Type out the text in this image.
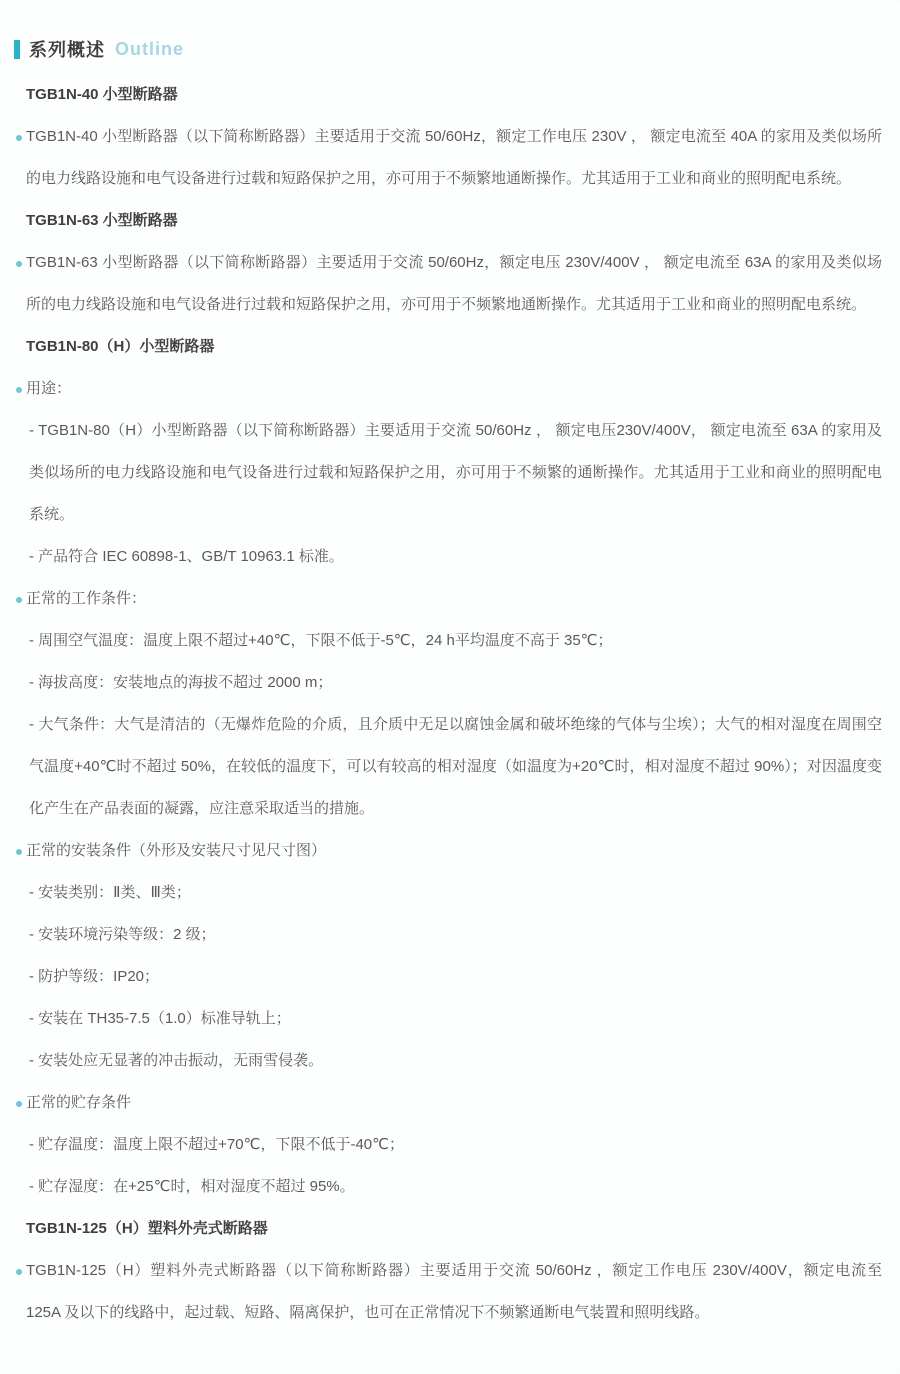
系列概述 Outline
TGB1N-40 小型断路器
TGB1N-40 小型断路器（以下简称断路器）主要适用于交流 50/60Hz，额定工作电压 230V ， 额定电流至 40A 的家用及类似场所的电力线路设施和电气设备进行过载和短路保护之用，亦可用于不频繁地通断操作。尤其适用于工业和商业的照明配电系统。
TGB1N-63 小型断路器
TGB1N-63 小型断路器（以下简称断路器）主要适用于交流 50/60Hz，额定电压 230V/400V ， 额定电流至 63A 的家用及类似场所的电力线路设施和电气设备进行过载和短路保护之用，亦可用于不频繁地通断操作。尤其适用于工业和商业的照明配电系统。
TGB1N-80（H）小型断路器
用途：
- TGB1N-80（H）小型断路器（以下简称断路器）主要适用于交流 50/60Hz ， 额定电压230V/400V， 额定电流至 63A 的家用及类似场所的电力线路设施和电气设备进行过载和短路保护之用，亦可用于不频繁的通断操作。尤其适用于工业和商业的照明配电系统。
- 产品符合 IEC 60898-1、GB/T 10963.1 标准。
正常的工作条件：
- 周围空气温度：温度上限不超过+40℃，下限不低于-5℃，24 h平均温度不高于 35℃；
- 海拔高度：安装地点的海拔不超过 2000 m；
- 大气条件：大气是清洁的（无爆炸危险的介质，且介质中无足以腐蚀金属和破坏绝缘的气体与尘埃）；大气的相对湿度在周围空气温度+40℃时不超过 50%，在较低的温度下，可以有较高的相对湿度（如温度为+20℃时，相对湿度不超过 90%）；对因温度变化产生在产品表面的凝露，应注意采取适当的措施。
正常的安装条件（外形及安装尺寸见尺寸图）
- 安装类别：Ⅱ类、Ⅲ类；
- 安装环境污染等级：2 级；
- 防护等级：IP20；
- 安装在 TH35-7.5（1.0）标准导轨上；
- 安装处应无显著的冲击振动，无雨雪侵袭。
正常的贮存条件
- 贮存温度：温度上限不超过+70℃，下限不低于-40℃；
- 贮存湿度：在+25℃时，相对湿度不超过 95%。
TGB1N-125（H）塑料外壳式断路器
TGB1N-125（H）塑料外壳式断路器（以下简称断路器）主要适用于交流 50/60Hz ，额定工作电压 230V/400V，额定电流至 125A 及以下的线路中，起过载、短路、隔离保护，也可在正常情况下不频繁通断电气装置和照明线路。
